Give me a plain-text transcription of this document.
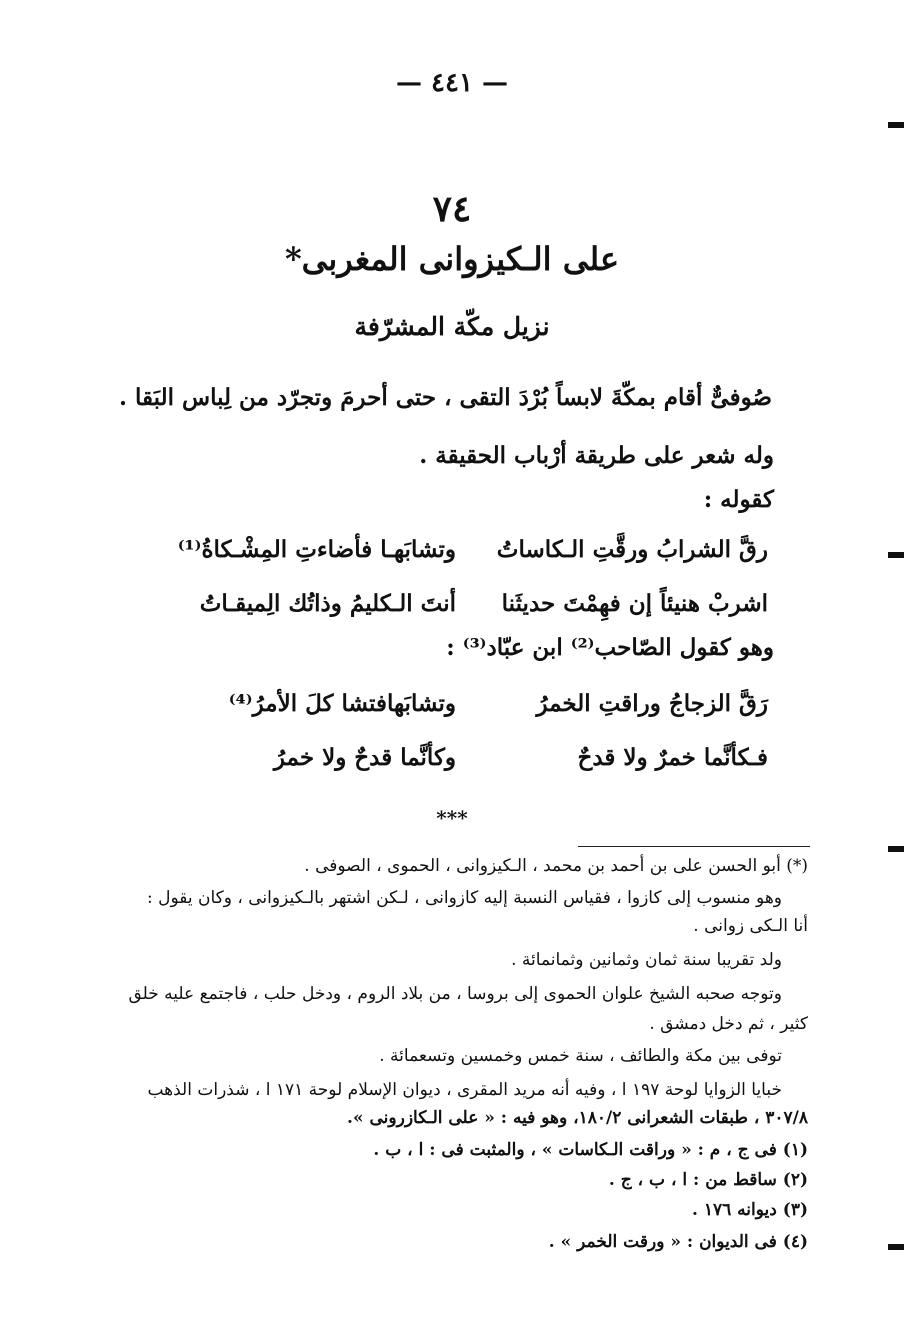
— ٤٤١ —
٧٤
على الـكيزوانى المغربى*
نزيل مكّة المشرّفة
صُوفىٌّ أقام بمكّةَ لابساً بُرْدَ التقى ، حتى أحرمَ وتجرّد من لِباس البَقا .
وله شعر على طريقة أرْباب الحقيقة .
كقوله :
رقَّ الشرابُ ورقَّتِ الـكاساتُ
وتشابَهـا فأضاءتِ المِشْـكاةُ⁽¹⁾
اشربْ هنيئاً إن فهِمْتَ حديثَنا
أنتَ الـكليمُ وذاتُك الِميقـاتُ
وهو كقول الصّاحب⁽²⁾ ابن عبّاد⁽³⁾ :
رَقَّ الزجاجُ وراقتِ الخمرُ
وتشابَهافتشا كلَ الأمرُ⁽⁴⁾
فـكأنَّما خمرٌ ولا قدحٌ
وكأنَّما قدحٌ ولا خمرُ
***
(*) أبو الحسن على بن أحمد بن محمد ، الـكيزوانى ، الحموى ، الصوفى .
وهو منسوب إلى كازوا ، فقياس النسبة إليه كازوانى ، لـكن اشتهر بالـكيزوانى ، وكان يقول :
أنا الـكى زوانى .
ولد تقريبا سنة ثمان وثمانين وثمانمائة .
وتوجه صحبه الشيخ علوان الحموى إلى بروسا ، من بلاد الروم ، ودخل حلب ، فاجتمع عليه خلق
كثير ، ثم دخل دمشق .
توفى بين مكة والطائف ، سنة خمس وخمسين وتسعمائة .
خبايا الزوايا لوحة ١٩٧ ا ، وفيه أنه مريد المقرى ، ديوان الإسلام لوحة ١٧١ ا ، شذرات الذهب
٣٠٧/٨ ، طبقات الشعرانى ١٨٠/٢، وهو فيه : « على الـكازرونى ».
(١) فى ج ، م : « وراقت الـكاسات » ، والمثبت فى : ا ، ب .
(٢) ساقط من : ا ، ب ، ج .
(٣) ديوانه ١٧٦ .
(٤) فى الديوان : « ورقت الخمر » .
